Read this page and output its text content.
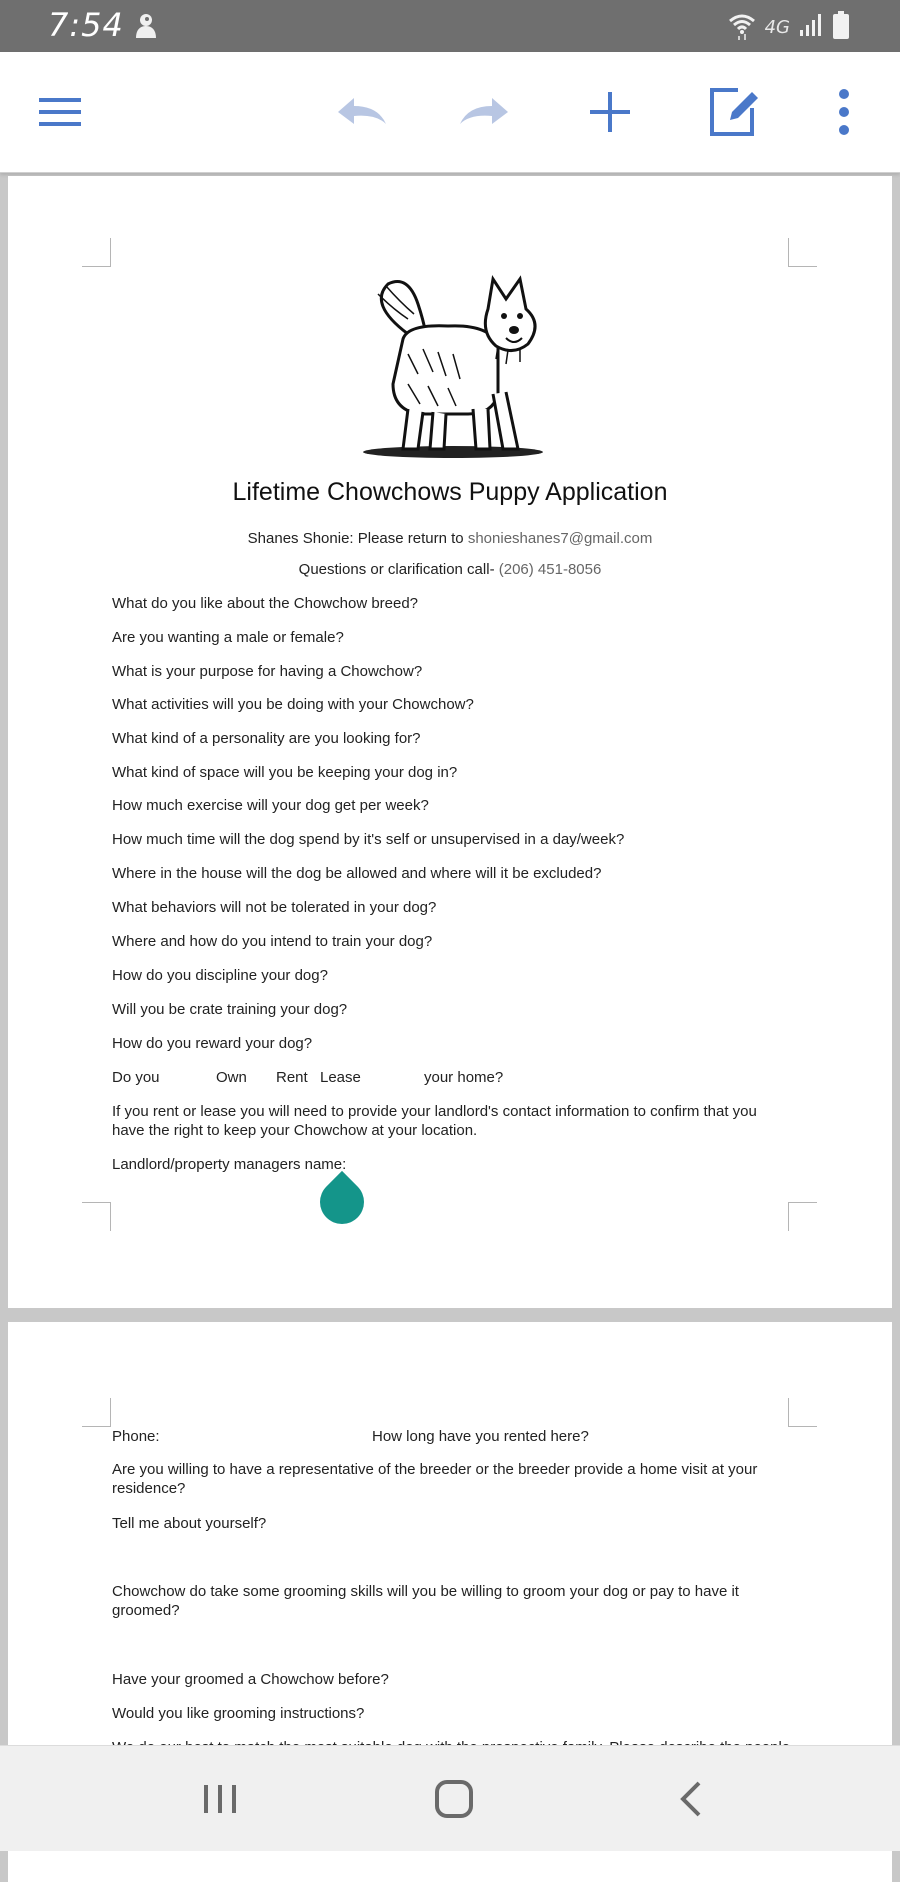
7:54	4G
Lifetime Chowchows Puppy Application
Shanes Shonie: Please return to shonieshanes7@gmail.com
Questions or clarification call- (206) 451-8056
What do you like about the Chowchow breed?
Are you wanting a male or female?
What is your purpose for having a Chowchow?
What activities will you be doing with your Chowchow?
What kind of a personality are you looking for?
What kind of space will you be keeping your dog in?
How much exercise will your dog get per week?
How much time will the dog spend by it's self or unsupervised in a day/week?
Where in the house will the dog be allowed and where will it be excluded?
What behaviors will not be tolerated in your dog?
Where and how do you intend to train your dog?
How do you discipline your dog?
Will you be crate training your dog?
How do you reward your dog?
Do you	Own Rent Lease	your home?
If you rent or lease you will need to provide your landlord's contact information to confirm that you have the right to keep your Chowchow at your location.
Landlord/property managers name:
Phone:	How long have you rented here?
Are you willing to have a representative of the breeder or the breeder provide a home visit at your residence?
Tell me about yourself?
Chowchow do take some grooming skills will you be willing to groom your dog or pay to have it groomed?
Have your groomed a Chowchow before?
Would you like grooming instructions?
